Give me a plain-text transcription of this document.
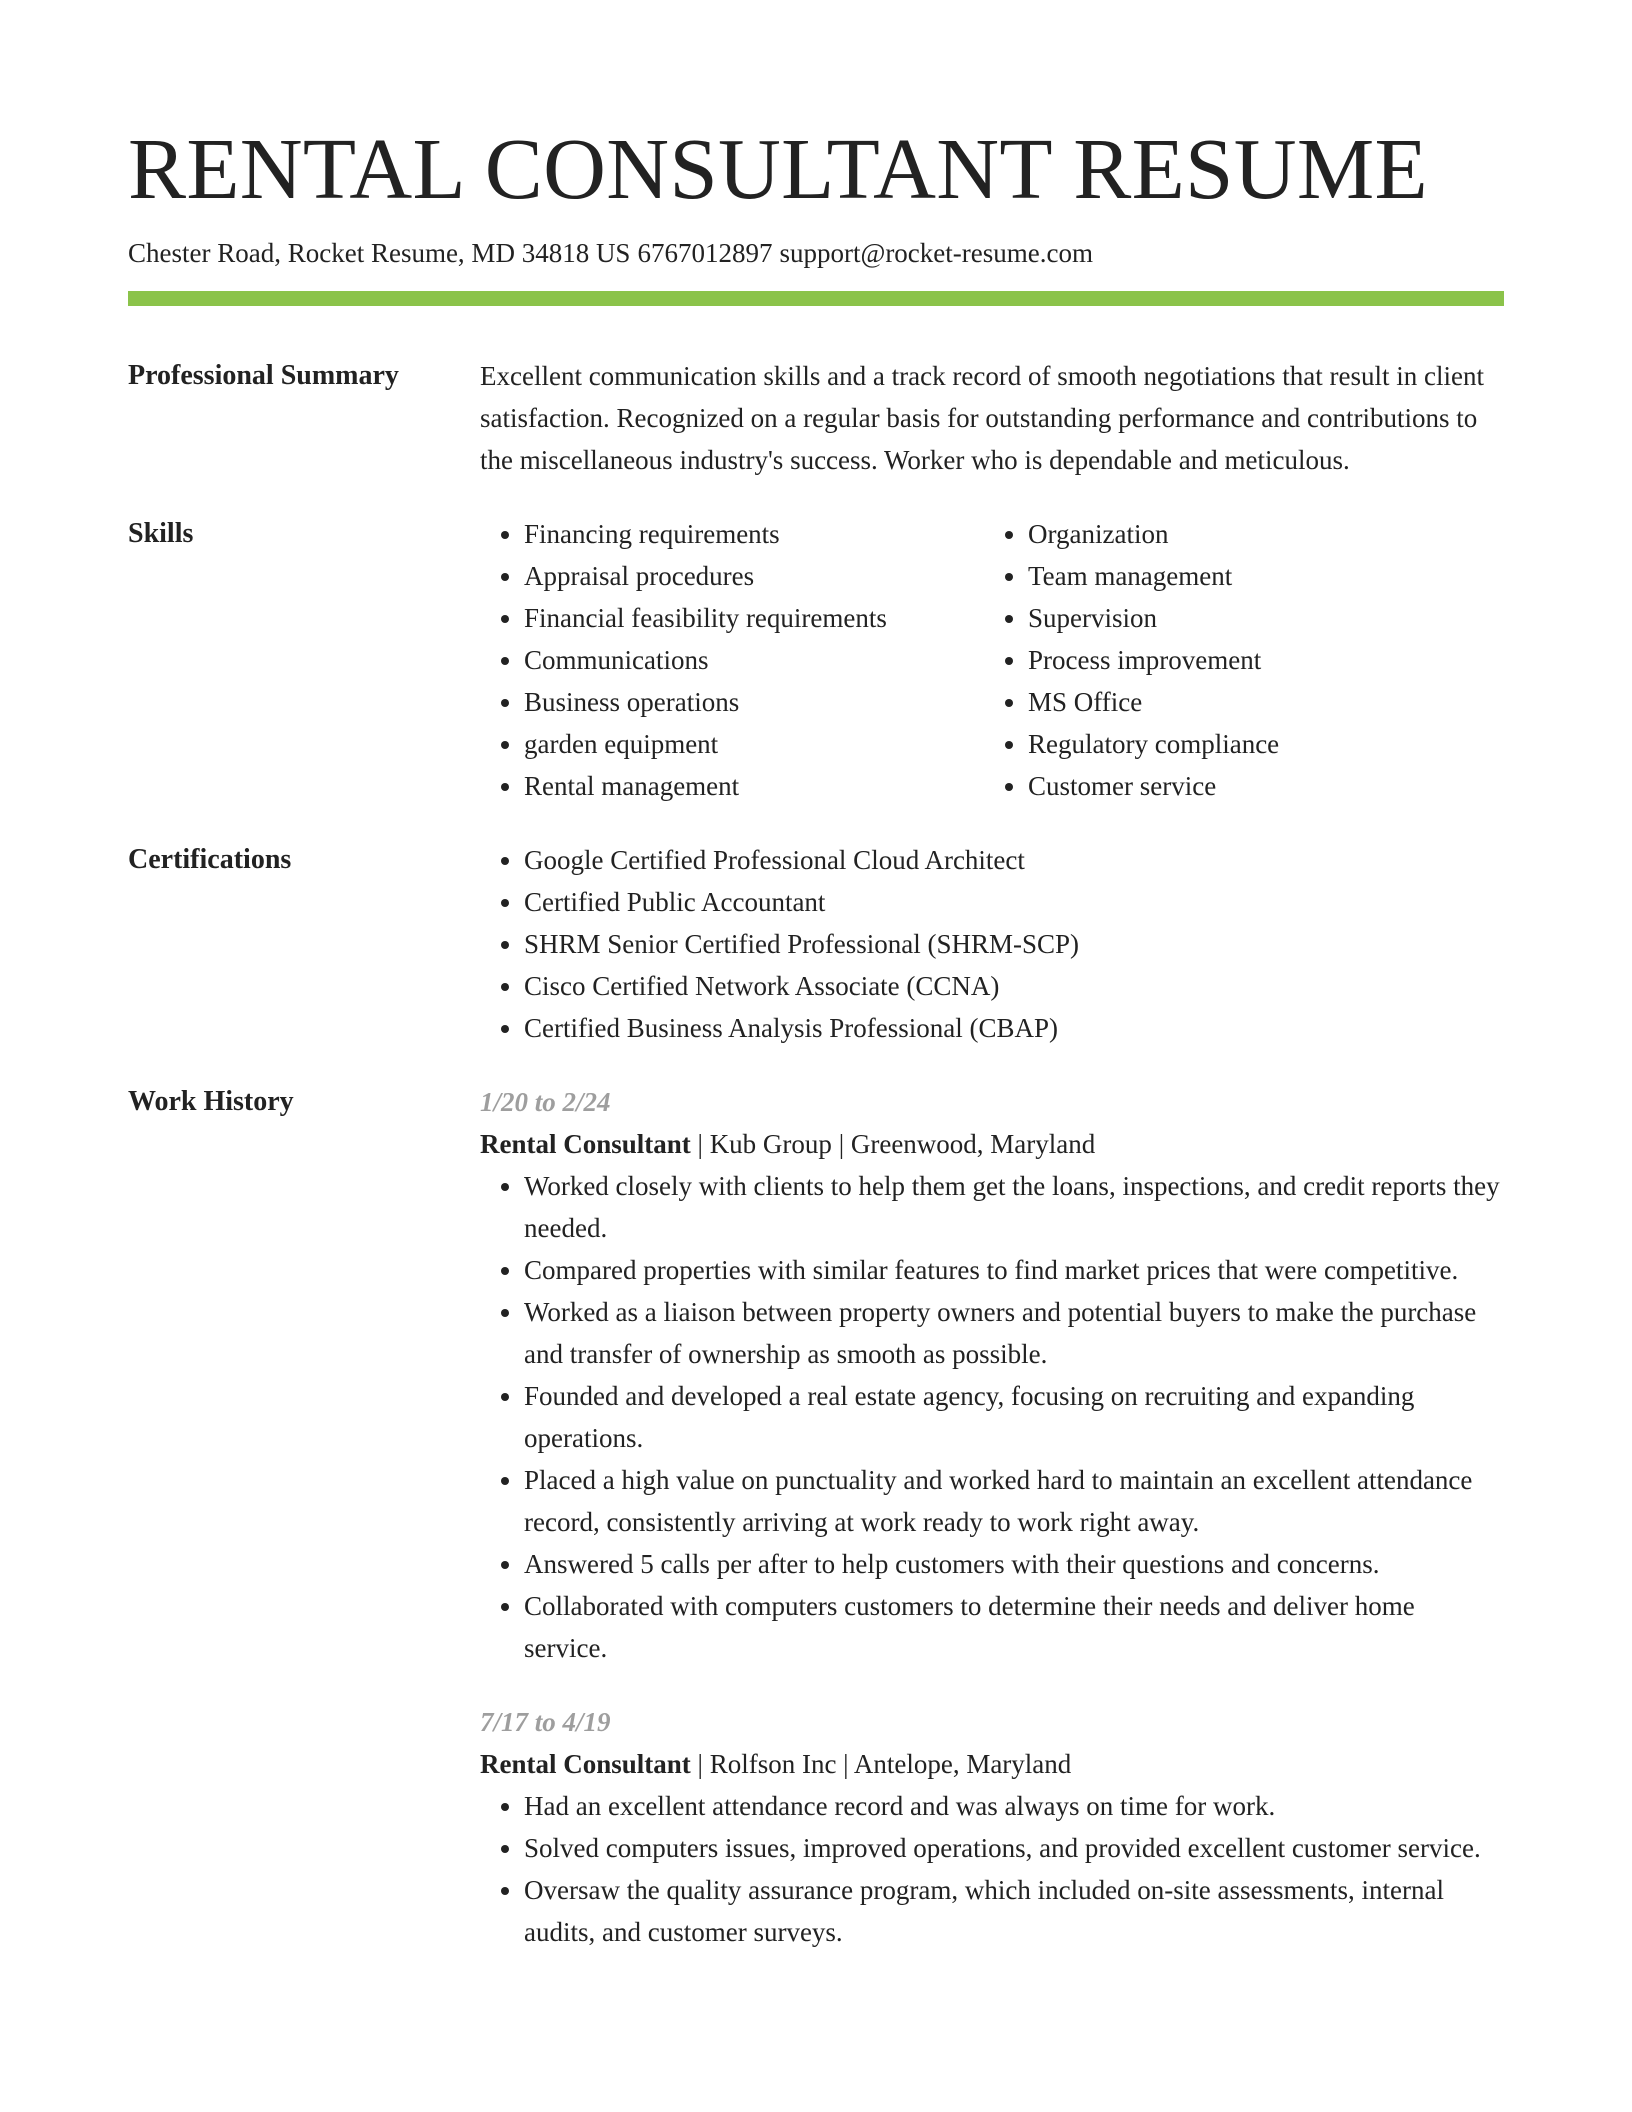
RENTAL CONSULTANT RESUME
Chester Road, Rocket Resume, MD 34818 US 6767012897 support@rocket-resume.com
Professional Summary	Excellent communication skills and a track record of smooth negotiations that result in client satisfaction. Recognized on a regular basis for outstanding performance and contributions to the miscellaneous industry's success. Worker who is dependable and meticulous.
Skills	• Financing requirements
• Appraisal procedures
• Financial feasibility requirements
• Communications
• Business operations
• garden equipment
• Rental management
• Organization
• Team management
• Supervision
• Process improvement
• MS Office
• Regulatory compliance
• Customer service
Certifications	• Google Certified Professional Cloud Architect
• Certified Public Accountant
• SHRM Senior Certified Professional (SHRM-SCP)
• Cisco Certified Network Associate (CCNA)
• Certified Business Analysis Professional (CBAP)
Work History	1/20 to 2/24
Rental Consultant | Kub Group | Greenwood, Maryland
• Worked closely with clients to help them get the loans, inspections, and credit reports they needed.
• Compared properties with similar features to find market prices that were competitive.
• Worked as a liaison between property owners and potential buyers to make the purchase and transfer of ownership as smooth as possible.
• Founded and developed a real estate agency, focusing on recruiting and expanding operations.
• Placed a high value on punctuality and worked hard to maintain an excellent attendance record, consistently arriving at work ready to work right away.
• Answered 5 calls per after to help customers with their questions and concerns.
• Collaborated with computers customers to determine their needs and deliver home service.
7/17 to 4/19
Rental Consultant | Rolfson Inc | Antelope, Maryland
• Had an excellent attendance record and was always on time for work.
• Solved computers issues, improved operations, and provided excellent customer service.
• Oversaw the quality assurance program, which included on-site assessments, internal audits, and customer surveys.
